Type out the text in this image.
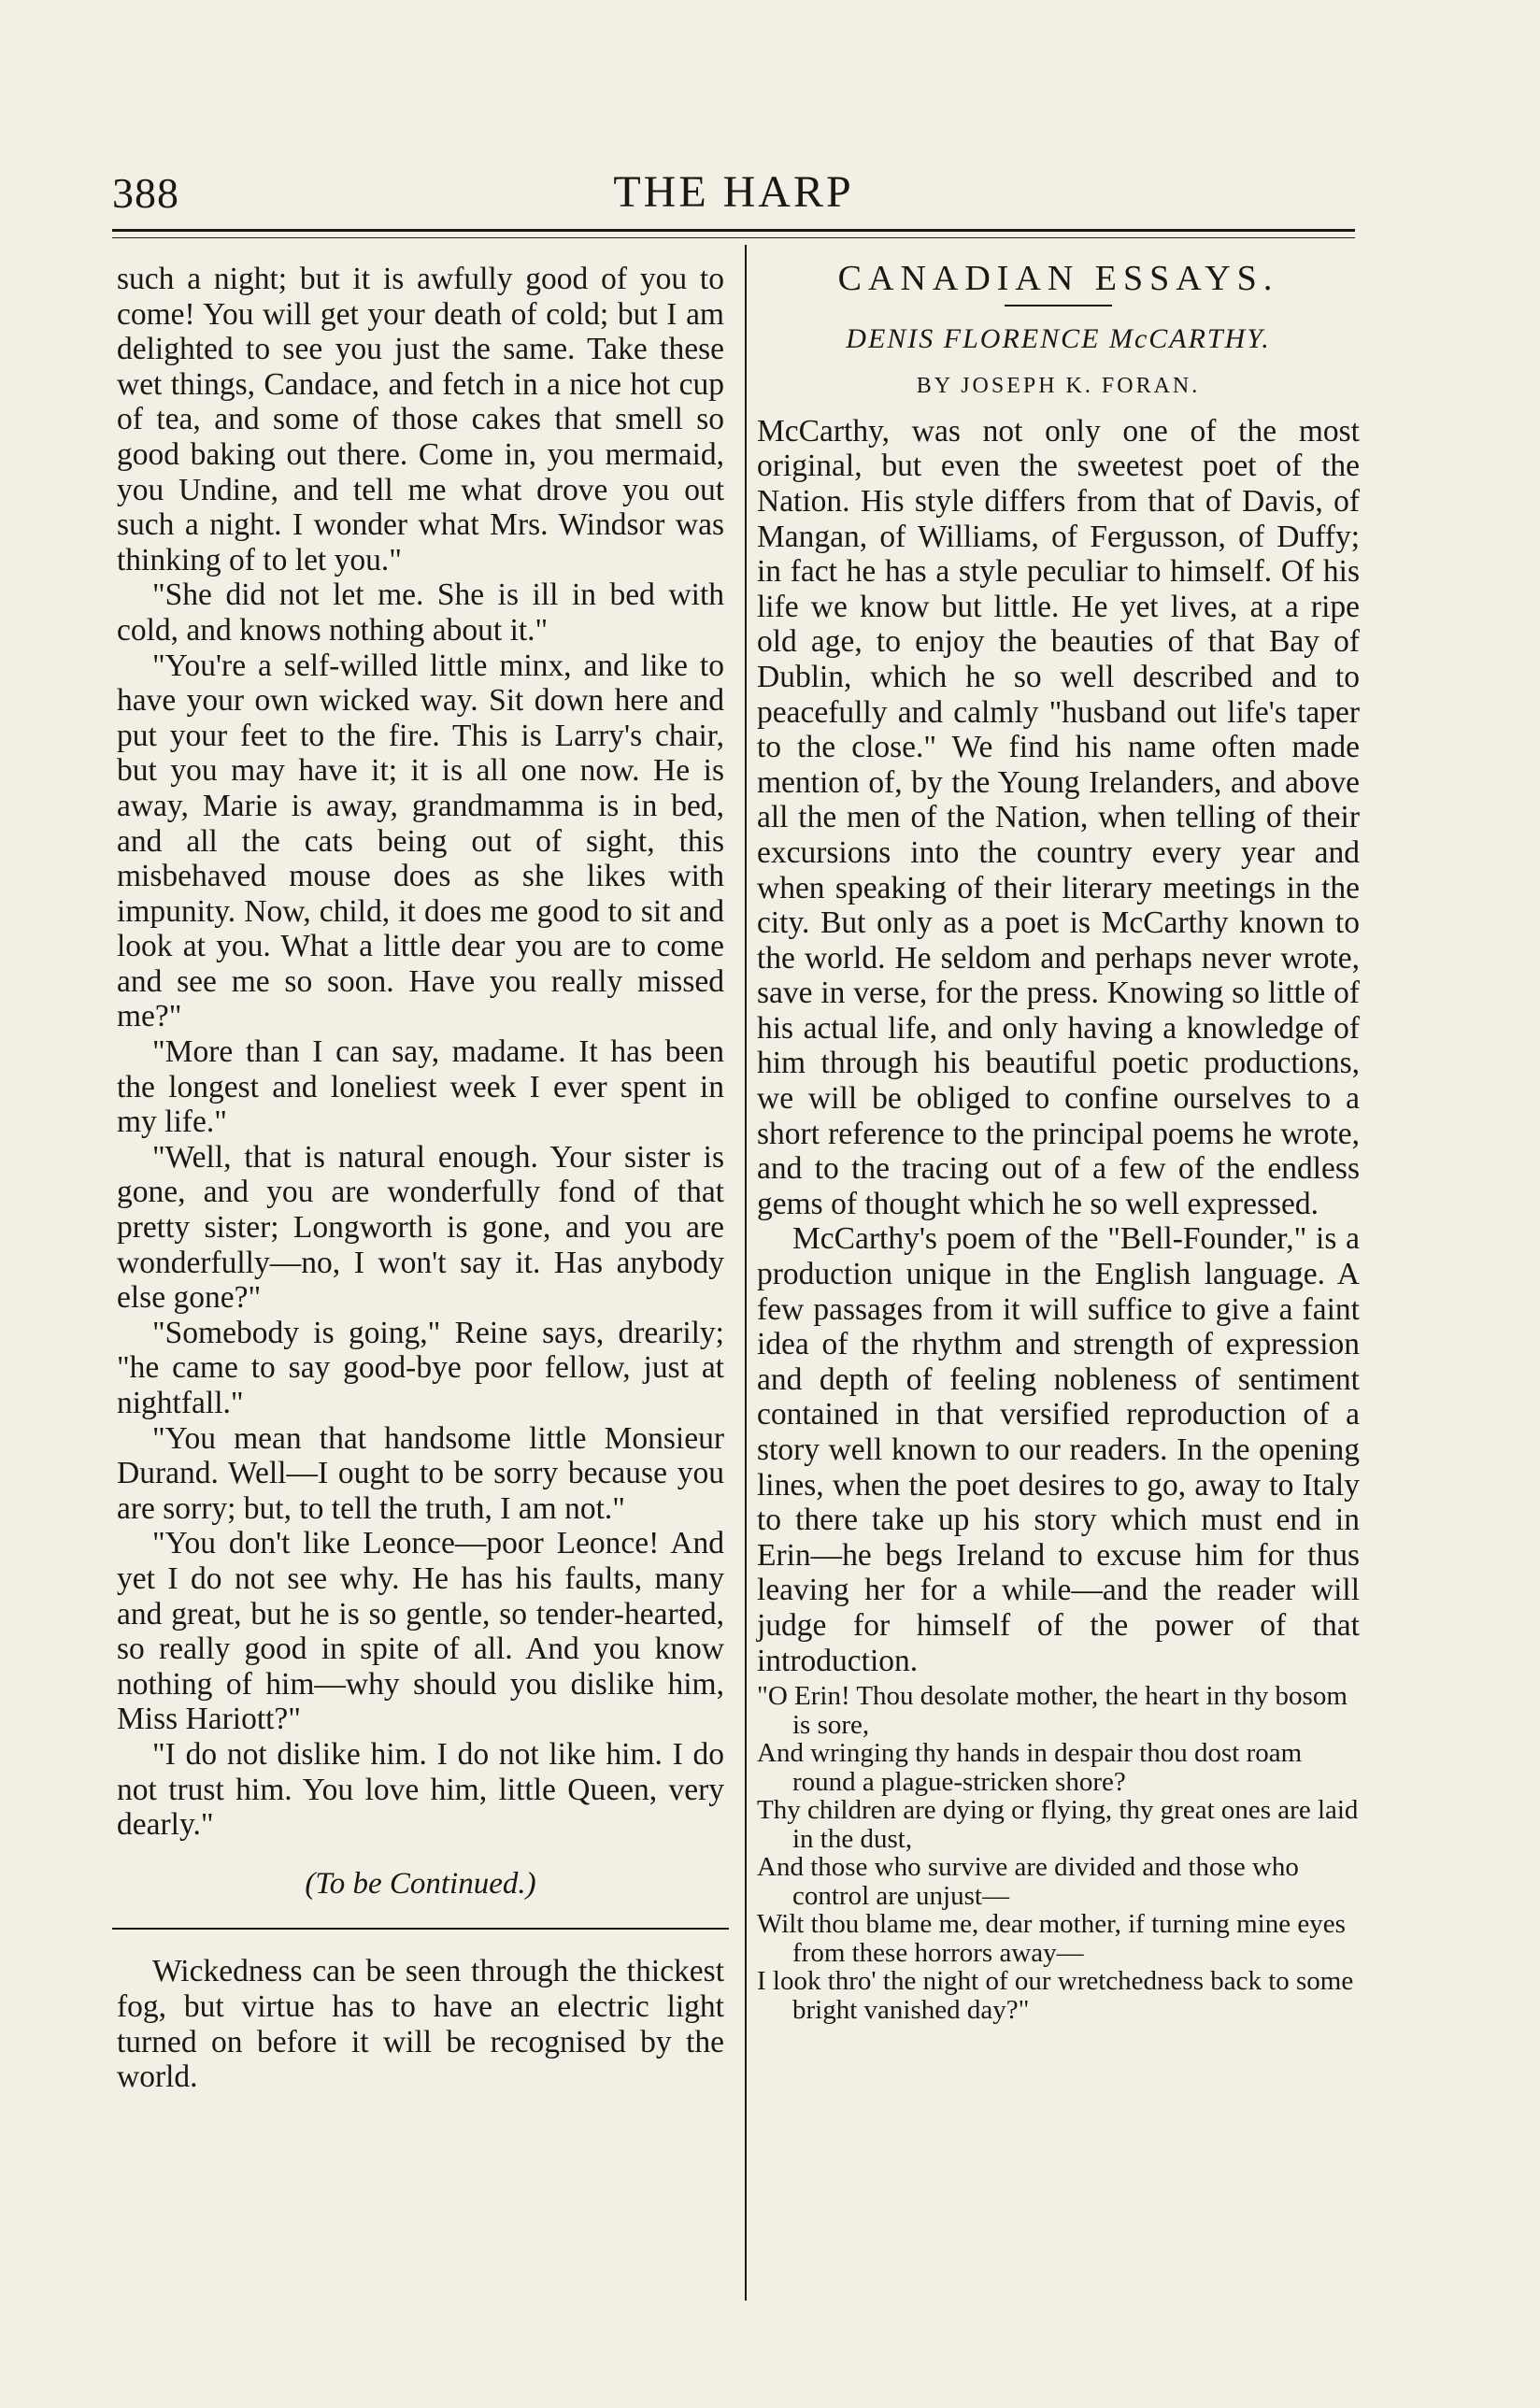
388	THE HARP

such a night; but it is awfully good of you to come! You will get your death of cold; but I am delighted to see you just the same. Take these wet things, Candace, and fetch in a nice hot cup of tea, and some of those cakes that smell so good baking out there. Come in, you mermaid, you Undine, and tell me what drove you out such a night. I wonder what Mrs. Windsor was thinking of to let you."

"She did not let me. She is ill in bed with cold, and knows nothing about it."

"You're a self-willed little minx, and like to have your own wicked way. Sit down here and put your feet to the fire. This is Larry's chair, but you may have it; it is all one now. He is away, Marie is away, grandmamma is in bed, and all the cats being out of sight, this misbehaved mouse does as she likes with impunity. Now, child, it does me good to sit and look at you. What a little dear you are to come and see me so soon. Have you really missed me?"

"More than I can say, madame. It has been the longest and loneliest week I ever spent in my life."

"Well, that is natural enough. Your sister is gone, and you are wonderfully fond of that pretty sister; Longworth is gone, and you are wonderfully—no, I won't say it. Has anybody else gone?"

"Somebody is going," Reine says, drearily; "he came to say good-bye poor fellow, just at nightfall."

"You mean that handsome little Monsieur Durand. Well—I ought to be sorry because you are sorry; but, to tell the truth, I am not."

"You don't like Leonce—poor Leonce! And yet I do not see why. He has his faults, many and great, but he is so gentle, so tender-hearted, so really good in spite of all. And you know nothing of him—why should you dislike him, Miss Hariott?"

"I do not dislike him. I do not like him. I do not trust him. You love him, little Queen, very dearly."

(To be Continued.)

Wickedness can be seen through the thickest fog, but virtue has to have an electric light turned on before it will be recognised by the world.

CANADIAN ESSAYS.
DENIS FLORENCE McCARTHY.
BY JOSEPH K. FORAN.

McCarthy, was not only one of the most original, but even the sweetest poet of the Nation. His style differs from that of Davis, of Mangan, of Williams, of Fergusson, of Duffy; in fact he has a style peculiar to himself. Of his life we know but little. He yet lives, at a ripe old age, to enjoy the beauties of that Bay of Dublin, which he so well described and to peacefully and calmly "husband out life's taper to the close." We find his name often made mention of, by the Young Irelanders, and above all the men of the Nation, when telling of their excursions into the country every year and when speaking of their literary meetings in the city. But only as a poet is McCarthy known to the world. He seldom and perhaps never wrote, save in verse, for the press. Knowing so little of his actual life, and only having a knowledge of him through his beautiful poetic productions, we will be obliged to confine ourselves to a short reference to the principal poems he wrote, and to the tracing out of a few of the endless gems of thought which he so well expressed.

McCarthy's poem of the "Bell-Founder," is a production unique in the English language. A few passages from it will suffice to give a faint idea of the rhythm and strength of expression and depth of feeling nobleness of sentiment contained in that versified reproduction of a story well known to our readers. In the opening lines, when the poet desires to go, away to Italy to there take up his story which must end in Erin—he begs Ireland to excuse him for thus leaving her for a while—and the reader will judge for himself of the power of that introduction.

"O Erin! Thou desolate mother, the heart in thy bosom is sore,
And wringing thy hands in despair thou dost roam round a plague-stricken shore?
Thy children are dying or flying, thy great ones are laid in the dust,
And those who survive are divided and those who control are unjust—
Wilt thou blame me, dear mother, if turning mine eyes from these horrors away—
I look thro' the night of our wretchedness back to some bright vanished day?"
